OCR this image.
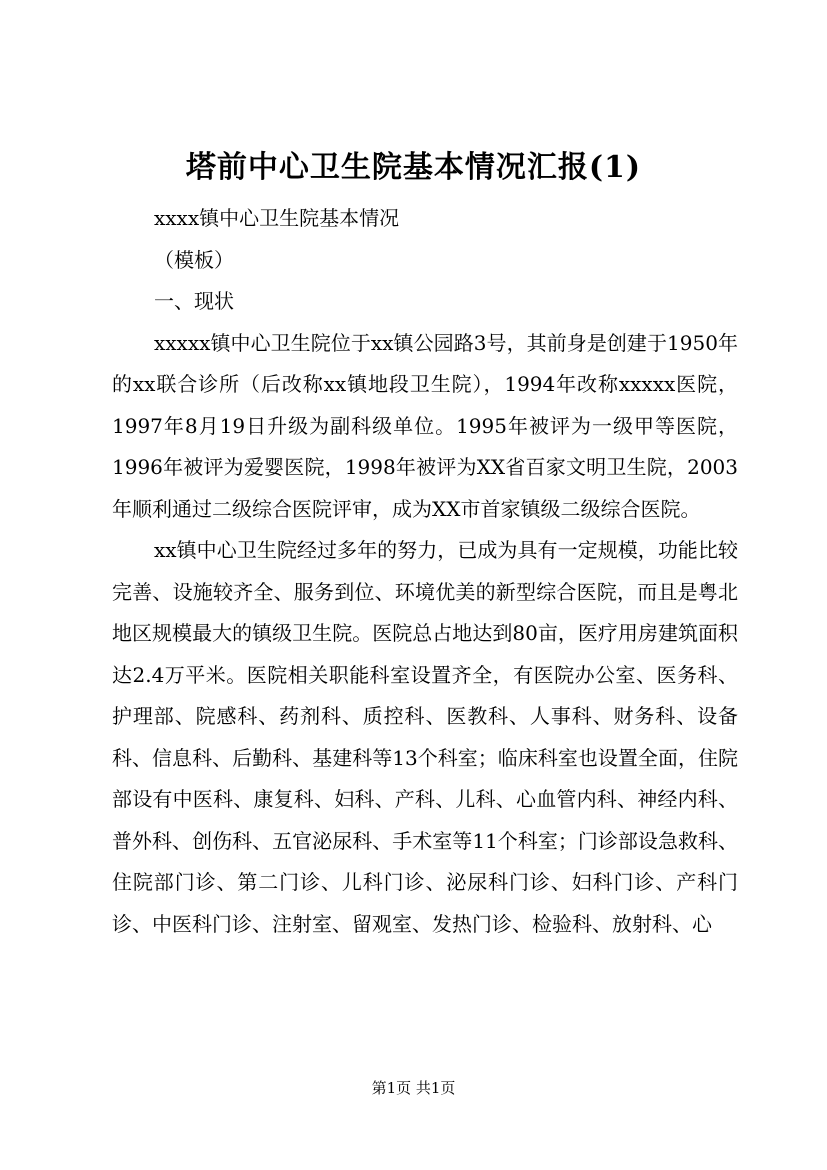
塔前中心卫生院基本情况汇报(1)

xxxx镇中心卫生院基本情况

（模板）

一、现状

xxxxx镇中心卫生院位于xx镇公园路3号，其前身是创建于1950年的xx联合诊所（后改称xx镇地段卫生院），1994年改称xxxxx医院，1997年8月19日升级为副科级单位。1995年被评为一级甲等医院，1996年被评为爱婴医院，1998年被评为XX省百家文明卫生院，2003年顺利通过二级综合医院评审，成为XX市首家镇级二级综合医院。
xx镇中心卫生院经过多年的努力，已成为具有一定规模，功能比较完善、设施较齐全、服务到位、环境优美的新型综合医院，而且是粤北地区规模最大的镇级卫生院。医院总占地达到80亩，医疗用房建筑面积达2.4万平米。医院相关职能科室设置齐全，有医院办公室、医务科、护理部、院感科、药剂科、质控科、医教科、人事科、财务科、设备科、信息科、后勤科、基建科等13个科室；临床科室也设置全面，住院部设有中医科、康复科、妇科、产科、儿科、心血管内科、神经内科、普外科、创伤科、五官泌尿科、手术室等11个科室；门诊部设急救科、住院部门诊、第二门诊、儿科门诊、泌尿科门诊、妇科门诊、产科门诊、中医科门诊、注射室、留观室、发热门诊、检验科、放射科、心
第1页 共1页
